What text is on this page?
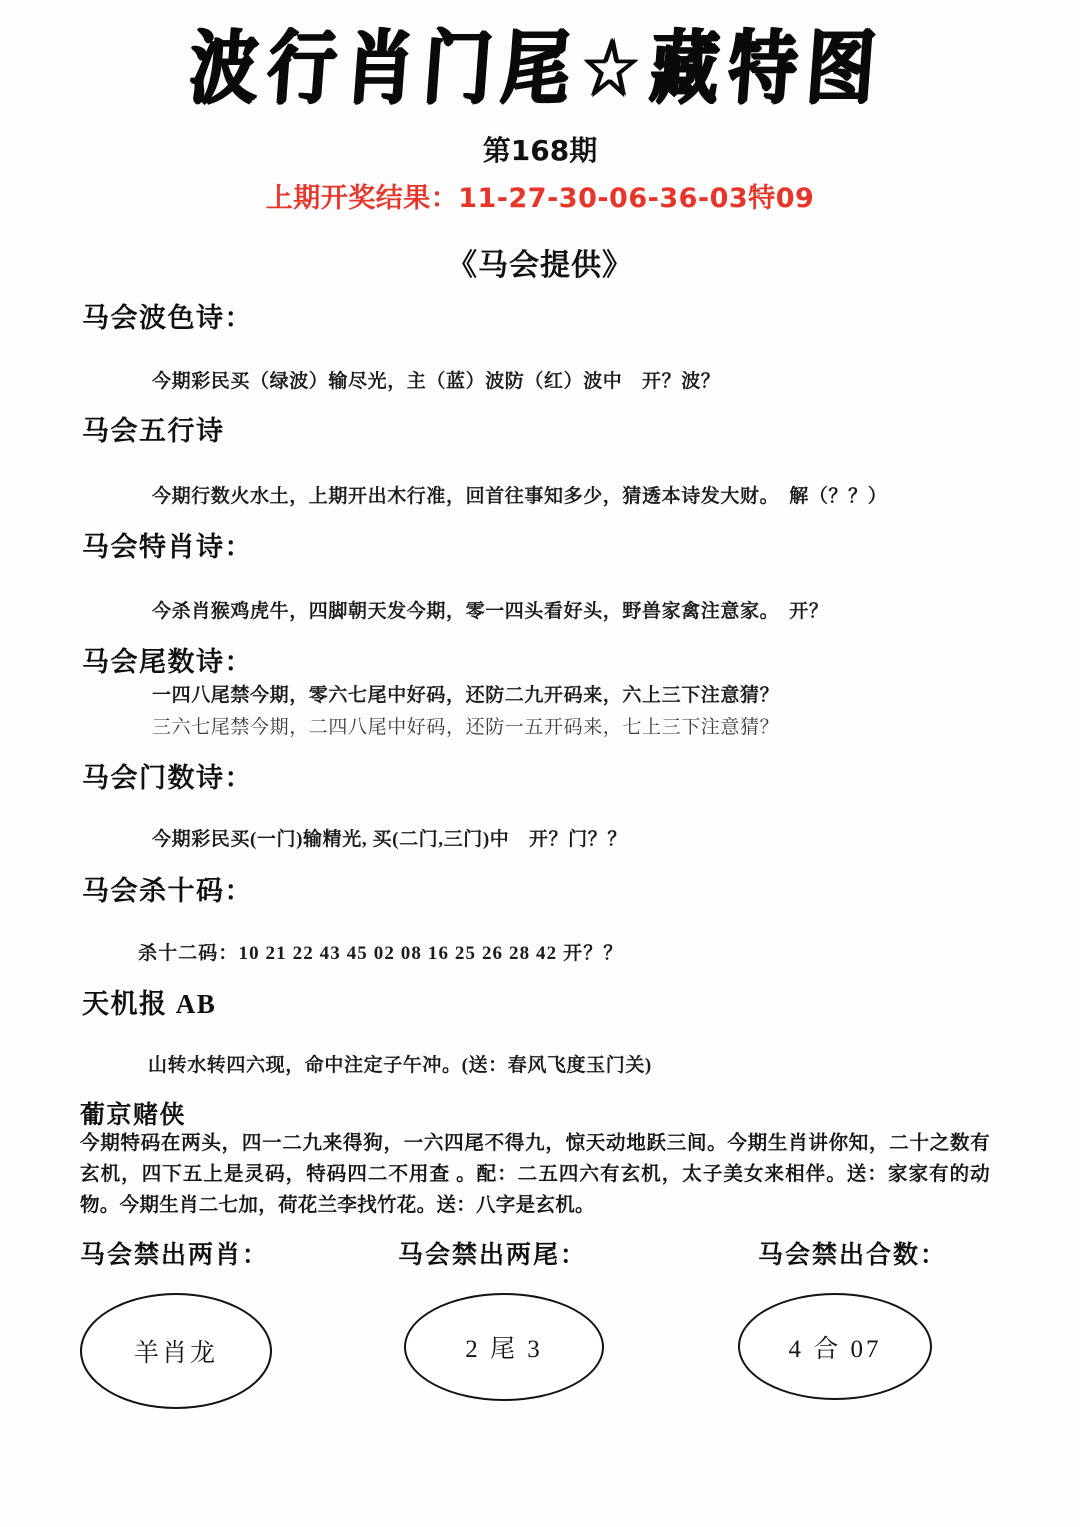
波行肖门尾☆藏特图
第168期
上期开奖结果：11-27-30-06-36-03特09
《马会提供》
马会波色诗：
今期彩民买（绿波）输尽光，主（蓝）波防（红）波中　开？波？
马会五行诗
今期行数火水土，上期开出木行准，回首往事知多少，猜透本诗发大财。　解（？？）
马会特肖诗：
今杀肖猴鸡虎牛，四脚朝天发今期，零一四头看好头，野兽家禽注意家。　开？
马会尾数诗：
一四八尾禁今期，零六七尾中好码，还防二九开码来，六上三下注意猜？
三六七尾禁今期，二四八尾中好码，还防一五开码来，七上三下注意猜？
马会门数诗：
今期彩民买(一门)输精光, 买(二门,三门)中　开？门？？
马会杀十码：
杀十二码：10 21 22 43 45 02 08 16 25 26 28 42 开？？
天机报 AB
山转水转四六现，命中注定子午冲。(送：春风飞度玉门关)
葡京赌侠
今期特码在两头，四一二九来得狗，一六四尾不得九，惊天动地跃三间。今期生肖讲你知，二十之数有玄机，四下五上是灵码，特码四二不用查 。配：二五四六有玄机，太子美女来相伴。送：家家有的动物。今期生肖二七加，荷花兰李找竹花。送：八字是玄机。
马会禁出两肖：
羊肖龙
马会禁出两尾：
2 尾 3
马会禁出合数：
4 合 07
